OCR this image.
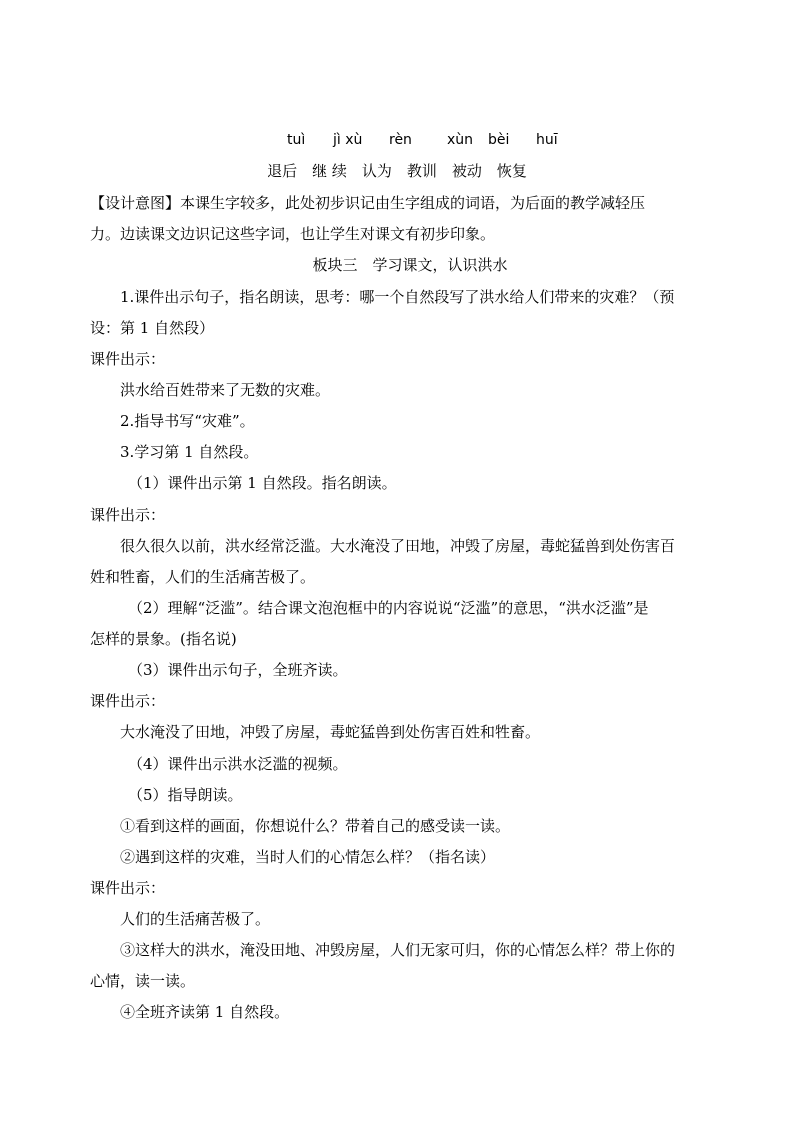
tuì jì xù rèn	xùn bèi huī
退后　继 续　认为　教训　被动　恢复
【设计意图】本课生字较多，此处初步识记由生字组成的词语，为后面的教学减轻压
力。边读课文边识记这些字词，也让学生对课文有初步印象。
板块三　学习课文，认识洪水
1.课件出示句子，指名朗读，思考：哪一个自然段写了洪水给人们带来的灾难？（预
设：第 1 自然段）
课件出示：
洪水给百姓带来了无数的灾难。
2.指导书写“灾难”。
3.学习第 1 自然段。
（1）课件出示第 1 自然段。指名朗读。
课件出示：
很久很久以前，洪水经常泛滥。大水淹没了田地，冲毁了房屋，毒蛇猛兽到处伤害百
姓和牲畜，人们的生活痛苦极了。
（2）理解“泛滥”。结合课文泡泡框中的内容说说“泛滥”的意思，“洪水泛滥”是
怎样的景象。(指名说)
（3）课件出示句子，全班齐读。
课件出示：
大水淹没了田地，冲毁了房屋，毒蛇猛兽到处伤害百姓和牲畜。
（4）课件出示洪水泛滥的视频。
（5）指导朗读。
①看到这样的画面，你想说什么？带着自己的感受读一读。
②遇到这样的灾难，当时人们的心情怎么样？（指名读）
课件出示：
人们的生活痛苦极了。
③这样大的洪水，淹没田地、冲毁房屋，人们无家可归，你的心情怎么样？带上你的
心情，读一读。
④全班齐读第 1 自然段。
